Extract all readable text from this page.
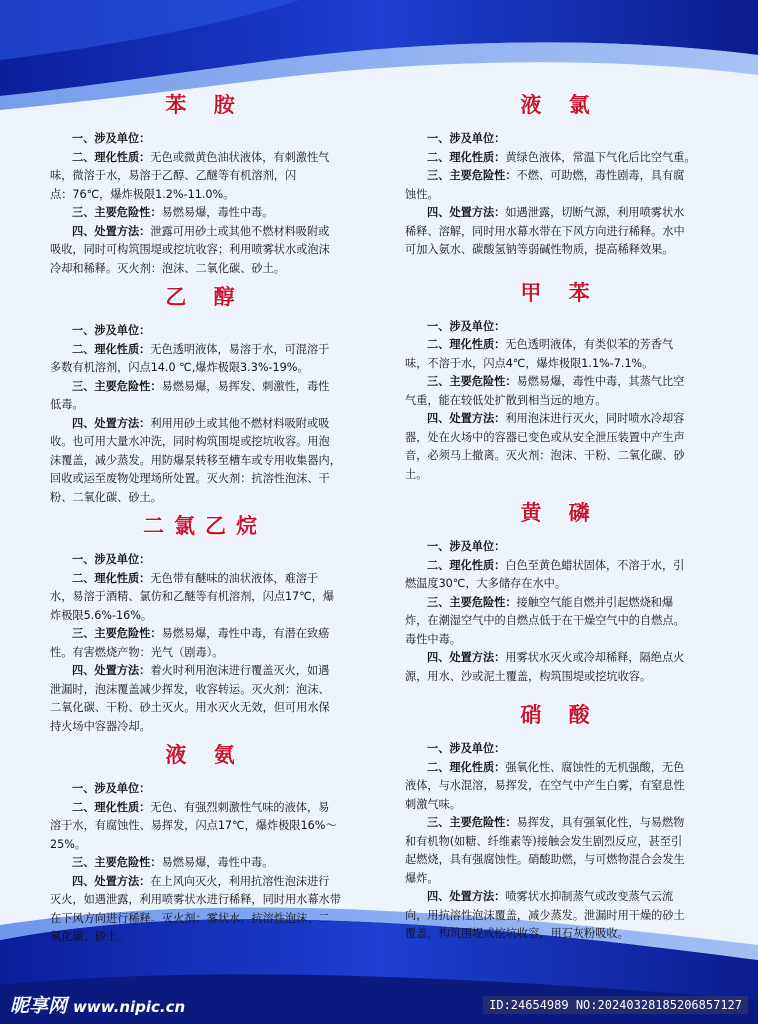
苯 胺
一、涉及单位：
二、理化性质：无色或微黄色油状液体，有刺激性气
味，微溶于水，易溶于乙醇、乙醚等有机溶剂，闪
点：76℃，爆炸极限1.2%-11.0%。
三、主要危险性：易燃易爆，毒性中毒。
四、处置方法：泄露可用砂土或其他不燃材料吸附或
吸收，同时可构筑围堤或挖坑收容；利用喷雾状水或泡沫
冷却和稀释。灭火剂：泡沫、二氧化碳、砂土。
乙 醇
一、涉及单位：
二、理化性质：无色透明液体，易溶于水，可混溶于
多数有机溶剂，闪点14.0 ℃,爆炸极限3.3%-19%。
三、主要危险性：易燃易爆，易挥发、刺激性，毒性
低毒。
四、处置方法：利用用砂土或其他不燃材料吸附或吸
收。也可用大量水冲洗，同时构筑围堤或挖坑收容。用泡
沫覆盖，减少蒸发。用防爆泵转移至槽车或专用收集器内，
回收或运至废物处理场所处置。灭火剂：抗溶性泡沫、干
粉、二氧化碳、砂土。
二氯乙烷
一、涉及单位：
二、理化性质：无色带有醚味的油状液体，难溶于
水，易溶于酒精、氯仿和乙醚等有机溶剂，闪点17℃，爆
炸极限5.6%-16%。
三、主要危险性：易燃易爆，毒性中毒，有潜在致癌
性。有害燃烧产物：光气（剧毒）。
四、处置方法：着火时利用泡沫进行覆盖灭火，如遇
泄漏时，泡沫覆盖减少挥发，收容转运。灭火剂：泡沫、
二氧化碳、干粉、砂土灭火。用水灭火无效，但可用水保
持火场中容器冷却。
液 氨
一、涉及单位：
二、理化性质：无色、有强烈刺激性气味的液体，易
溶于水，有腐蚀性、易挥发，闪点17℃，爆炸极限16%～
25%。
三、主要危险性：易燃易爆，毒性中毒。
四、处置方法：在上风向灭火，利用抗溶性泡沫进行
灭火，如遇泄露，利用喷雾状水进行稀释，同时用水幕水带
在下风方向进行稀释。灭火剂：雾状水、抗溶性泡沫、二
氧化碳、砂土。
液 氯
一、涉及单位：
二、理化性质：黄绿色液体，常温下气化后比空气重。
三、主要危险性：不燃、可助燃，毒性剧毒，具有腐
蚀性。
四、处置方法：如遇泄露，切断气源，利用喷雾状水
稀释、溶解，同时用水幕水带在下风方向进行稀释。水中
可加入氨水、碳酸氢钠等弱碱性物质，提高稀释效果。
甲 苯
一、涉及单位：
二、理化性质：无色透明液体，有类似苯的芳香气
味，不溶于水，闪点4℃，爆炸极限1.1%-7.1%。
三、主要危险性：易燃易爆，毒性中毒，其蒸气比空
气重，能在较低处扩散到相当远的地方。
四、处置方法：利用泡沫进行灭火，同时喷水冷却容
器，处在火场中的容器已变色或从安全泄压装置中产生声
音，必须马上撤离。灭火剂：泡沫、干粉、二氧化碳、砂
土。
黄 磷
一、涉及单位：
二、理化性质：白色至黄色蜡状固体，不溶于水，引
燃温度30℃，大多储存在水中。
三、主要危险性：接触空气能自燃并引起燃烧和爆
炸，在潮湿空气中的自燃点低于在干燥空气中的自燃点。
毒性中毒。
四、处置方法：用雾状水灭火或冷却稀释，隔绝点火
源，用水、沙或泥土覆盖，构筑围堤或挖坑收容。
硝 酸
一、涉及单位：
二、理化性质：强氧化性、腐蚀性的无机强酸，无色
液体，与水混溶，易挥发，在空气中产生白雾，有窒息性
刺激气味。
三、主要危险性：易挥发，具有强氧化性，与易燃物
和有机物(如糖、纤维素等)接触会发生剧烈反应，甚至引
起燃烧，具有强腐蚀性。硝酸助燃，与可燃物混合会发生
爆炸。
四、处置方法：喷雾状水抑制蒸气或改变蒸气云流
向，用抗溶性泡沫覆盖，减少蒸发。泄漏时用干燥的砂土
覆盖，构筑围堤或挖坑收容，用石灰粉吸收。
昵享网 www.nipic.cn	ID:24654989 NO:20240328185206857127
